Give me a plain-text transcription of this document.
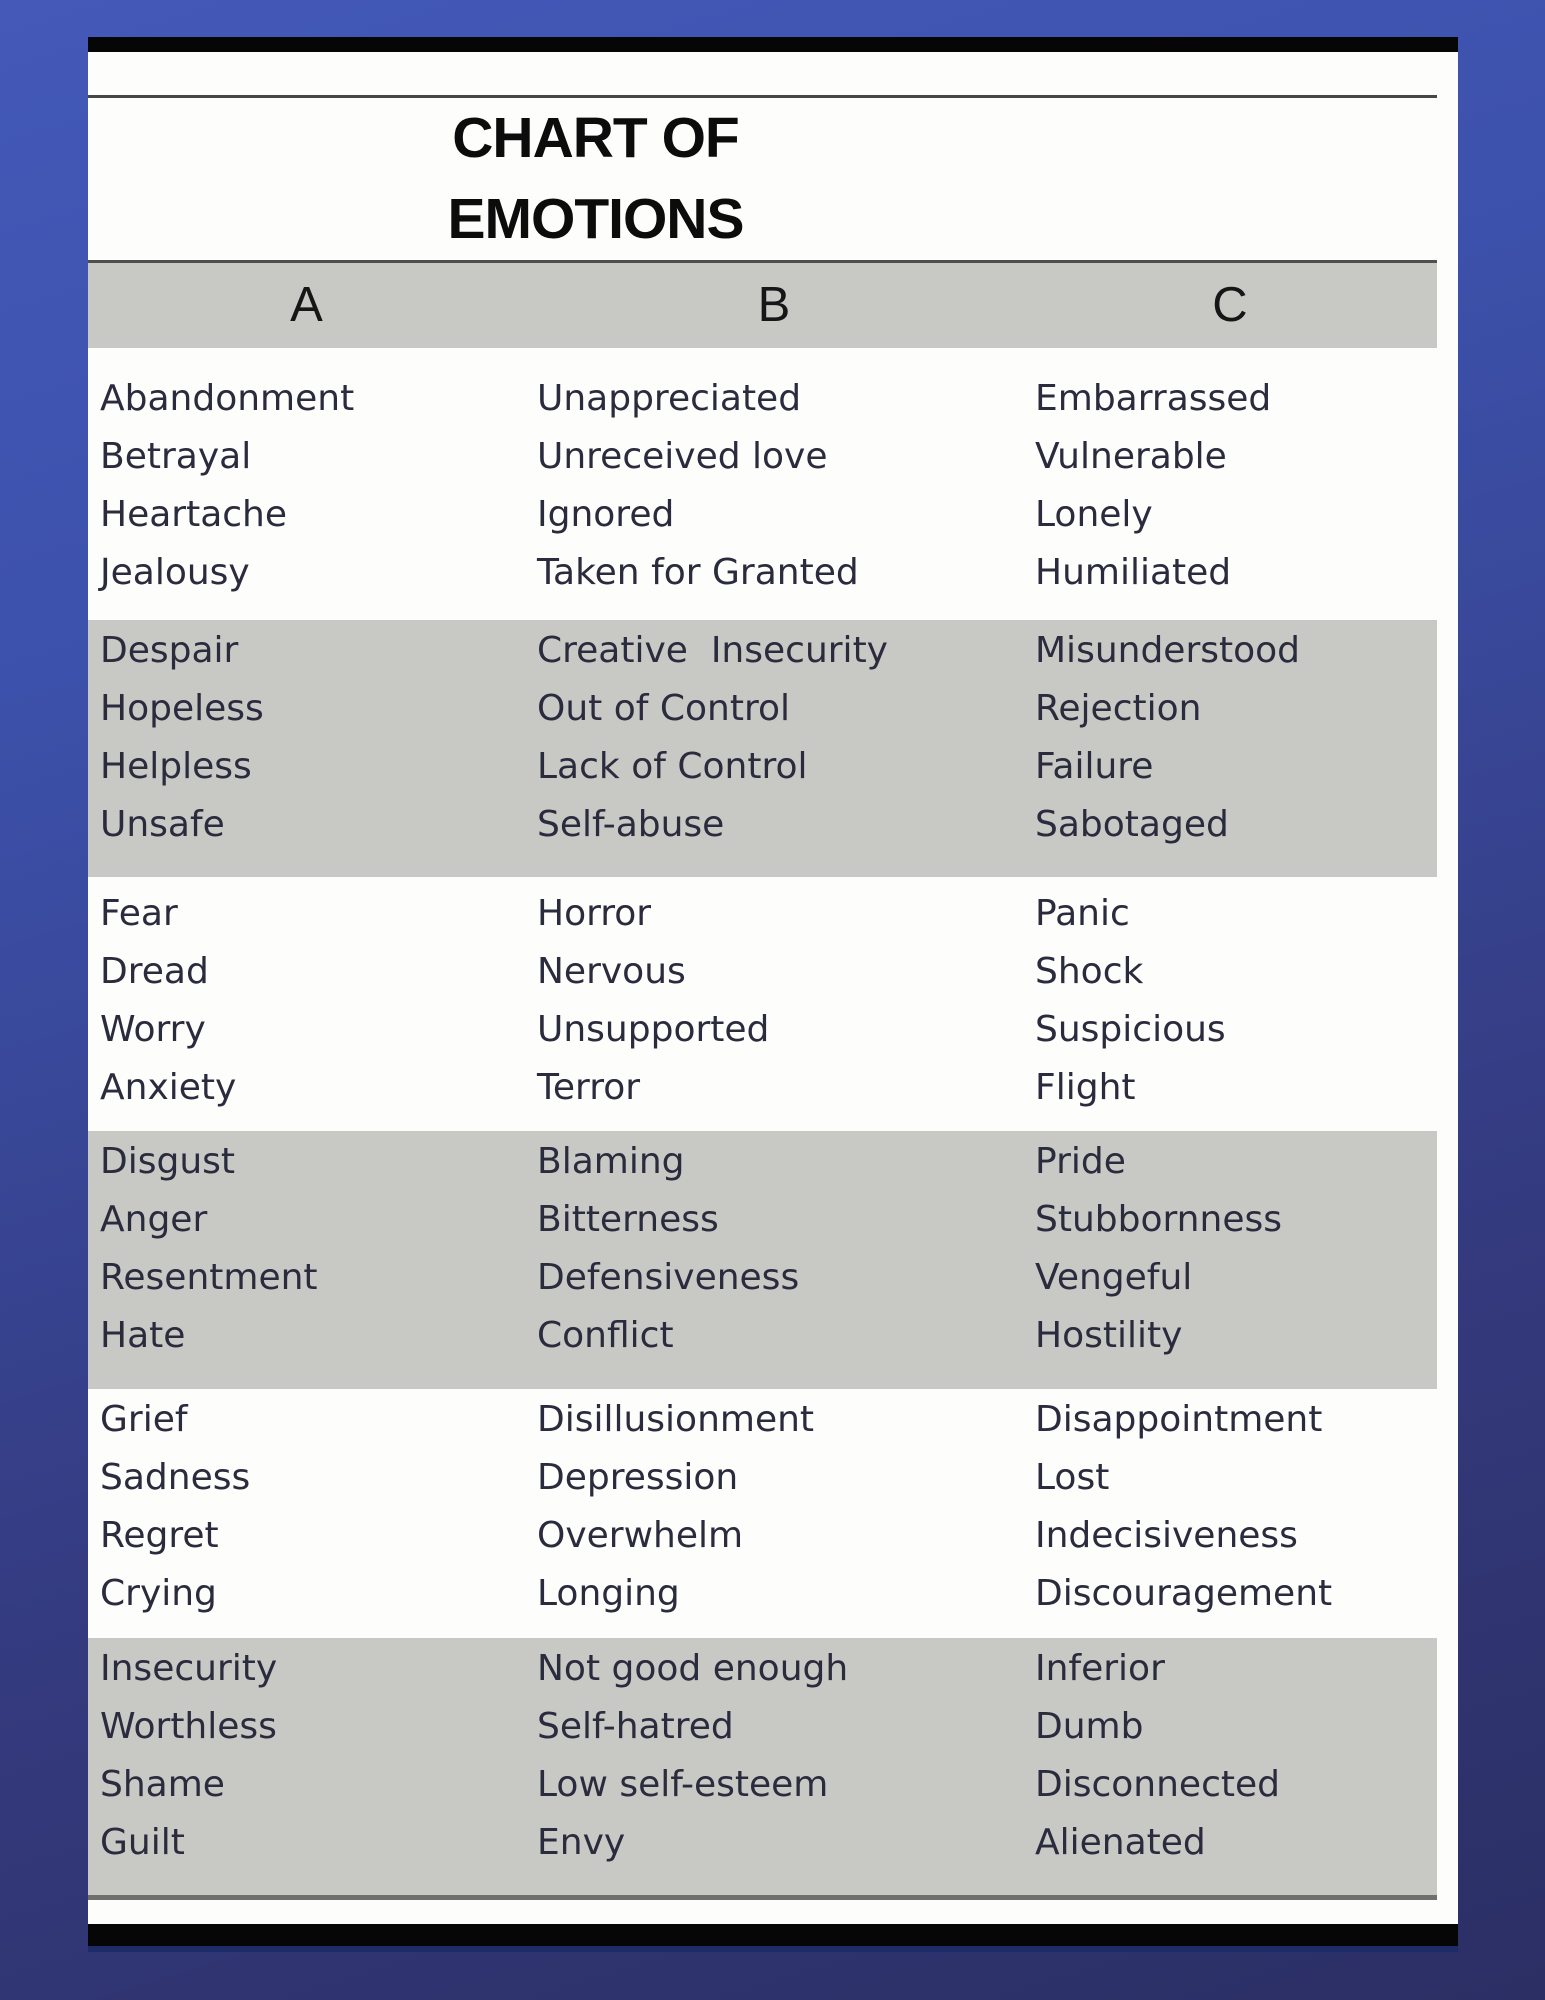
CHART OF
EMOTIONS
A	B	C
Abandonment
Betrayal
Heartache
Jealousy
Unappreciated
Unreceived love
Ignored
Taken for Granted
Embarrassed
Vulnerable
Lonely
Humiliated
Despair
Hopeless
Helpless
Unsafe
Creative  Insecurity
Out of Control
Lack of Control
Self-abuse
Misunderstood
Rejection
Failure
Sabotaged
Fear
Dread
Worry
Anxiety
Horror
Nervous
Unsupported
Terror
Panic
Shock
Suspicious
Flight
Disgust
Anger
Resentment
Hate
Blaming
Bitterness
Defensiveness
Conflict
Pride
Stubbornness
Vengeful
Hostility
Grief
Sadness
Regret
Crying
Disillusionment
Depression
Overwhelm
Longing
Disappointment
Lost
Indecisiveness
Discouragement
Insecurity
Worthless
Shame
Guilt
Not good enough
Self-hatred
Low self-esteem
Envy
Inferior
Dumb
Disconnected
Alienated
